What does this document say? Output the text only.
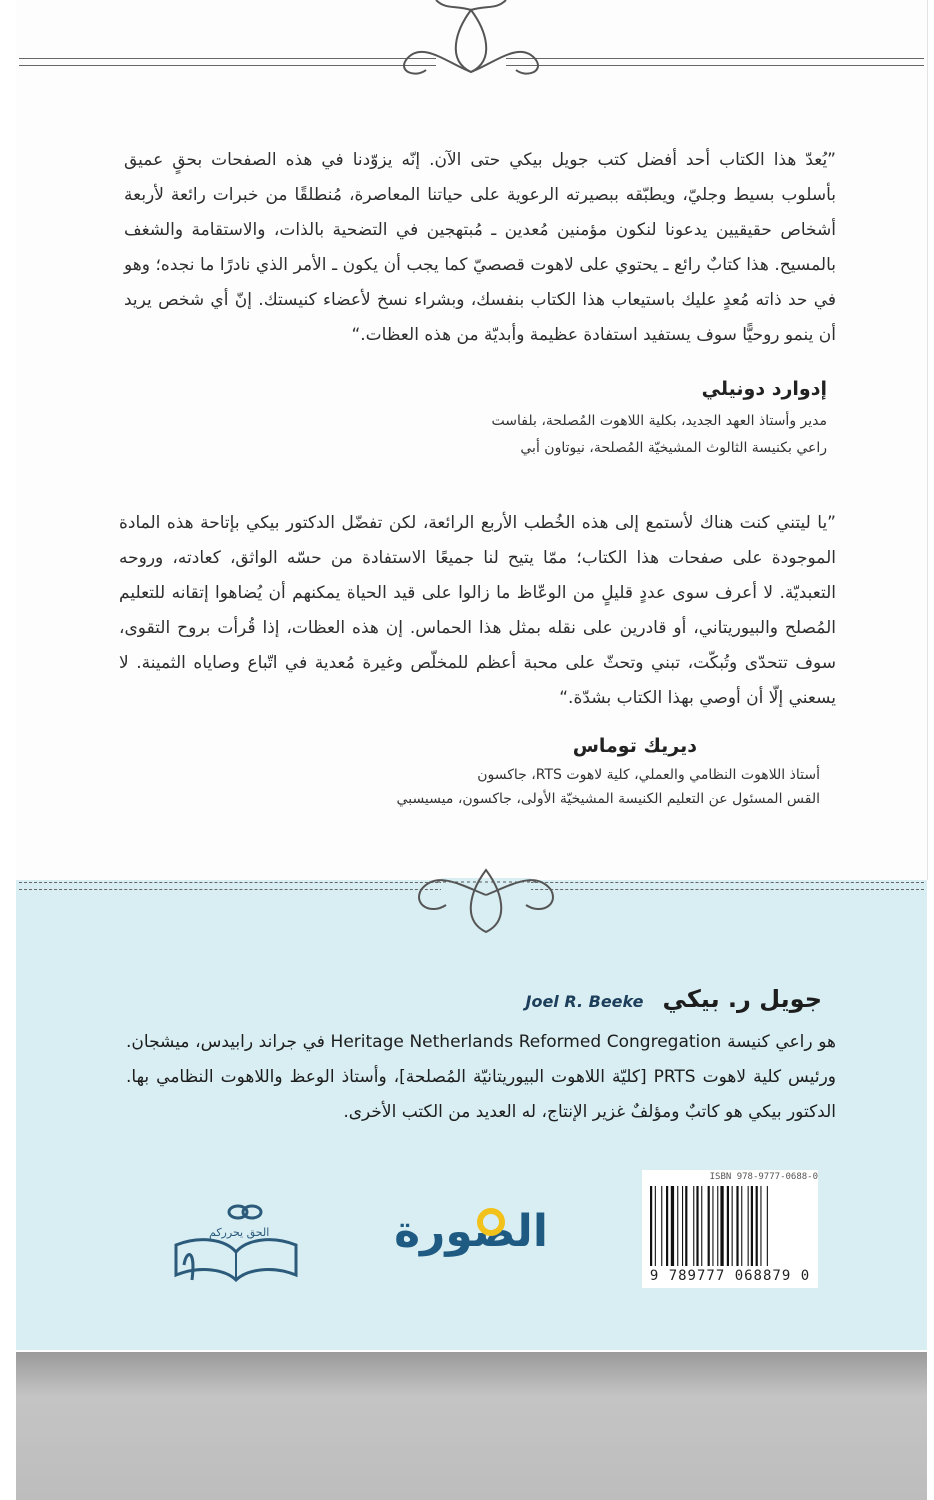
”يُعدّ هذا الكتاب أحد أفضل كتب جويل بيكي حتى الآن. إنّه يزوّدنا في هذه الصفحات بحقٍ عميق بأسلوب بسيط وجليّ، ويطبّقه ببصيرته الرعوية على حياتنا المعاصرة، مُنطلقًا من خبرات رائعة لأربعة أشخاص حقيقيين يدعونا لنكون مؤمنين مُعدين ـ مُبتهجين في التضحية بالذات، والاستقامة والشغف بالمسيح. هذا كتابٌ رائع ـ يحتوي على لاهوت قصصيّ كما يجب أن يكون ـ الأمر الذي نادرًا ما نجده؛ وهو في حد ذاته مُعدٍ عليك باستيعاب هذا الكتاب بنفسك، وبشراء نسخ لأعضاء كنيستك. إنّ أي شخص يريد أن ينمو روحيًّا سوف يستفيد استفادة عظيمة وأبديّة من هذه العظات.“

إدوارد دونيلي
مدير وأستاذ العهد الجديد، بكلية اللاهوت المُصلحة، بلفاست
راعي بكنيسة الثالوث المشيخيّة المُصلحة، نيوتاون أبي

”يا ليتني كنت هناك لأستمع إلى هذه الخُطب الأربع الرائعة، لكن تفضّل الدكتور بيكي بإتاحة هذه المادة الموجودة على صفحات هذا الكتاب؛ ممّا يتيح لنا جميعًا الاستفادة من حسّه الواثق، كعادته، وروحه التعبديّة. لا أعرف سوى عددٍ قليلٍ من الوعّاظ ما زالوا على قيد الحياة يمكنهم أن يُضاهوا إتقانه للتعليم المُصلح والبيوريتاني، أو قادرين على نقله بمثل هذا الحماس. إن هذه العظات، إذا قُرأت بروح التقوى، سوف تتحدّى وتُبكّت، تبني وتحثّ على محبة أعظم للمخلّص وغيرة مُعدية في اتّباع وصاياه الثمينة. لا يسعني إلّا أن أوصي بهذا الكتاب بشدّة.“

ديريك توماس
أستاذ اللاهوت النظامي والعملي، كلية لاهوت RTS، جاكسون
القس المسئول عن التعليم الكنيسة المشيخيّة الأولى، جاكسون، ميسيسبي
جويل ر. بيكي Joel R. Beeke
هو راعي كنيسة Heritage Netherlands Reformed Congregation في جراند رابيدس، ميشجان. ورئيس كلية لاهوت PRTS [كليّة اللاهوت البيوريتانيّة المُصلحة]، وأستاذ الوعظ واللاهوت النظامي بها. الدكتور بيكي هو كاتبٌ ومؤلفٌ غزير الإنتاج، له العديد من الكتب الأخرى.
الحق يحرركم	الصورة
ISBN 978-9777-0688-0
9 789777 068879 0
